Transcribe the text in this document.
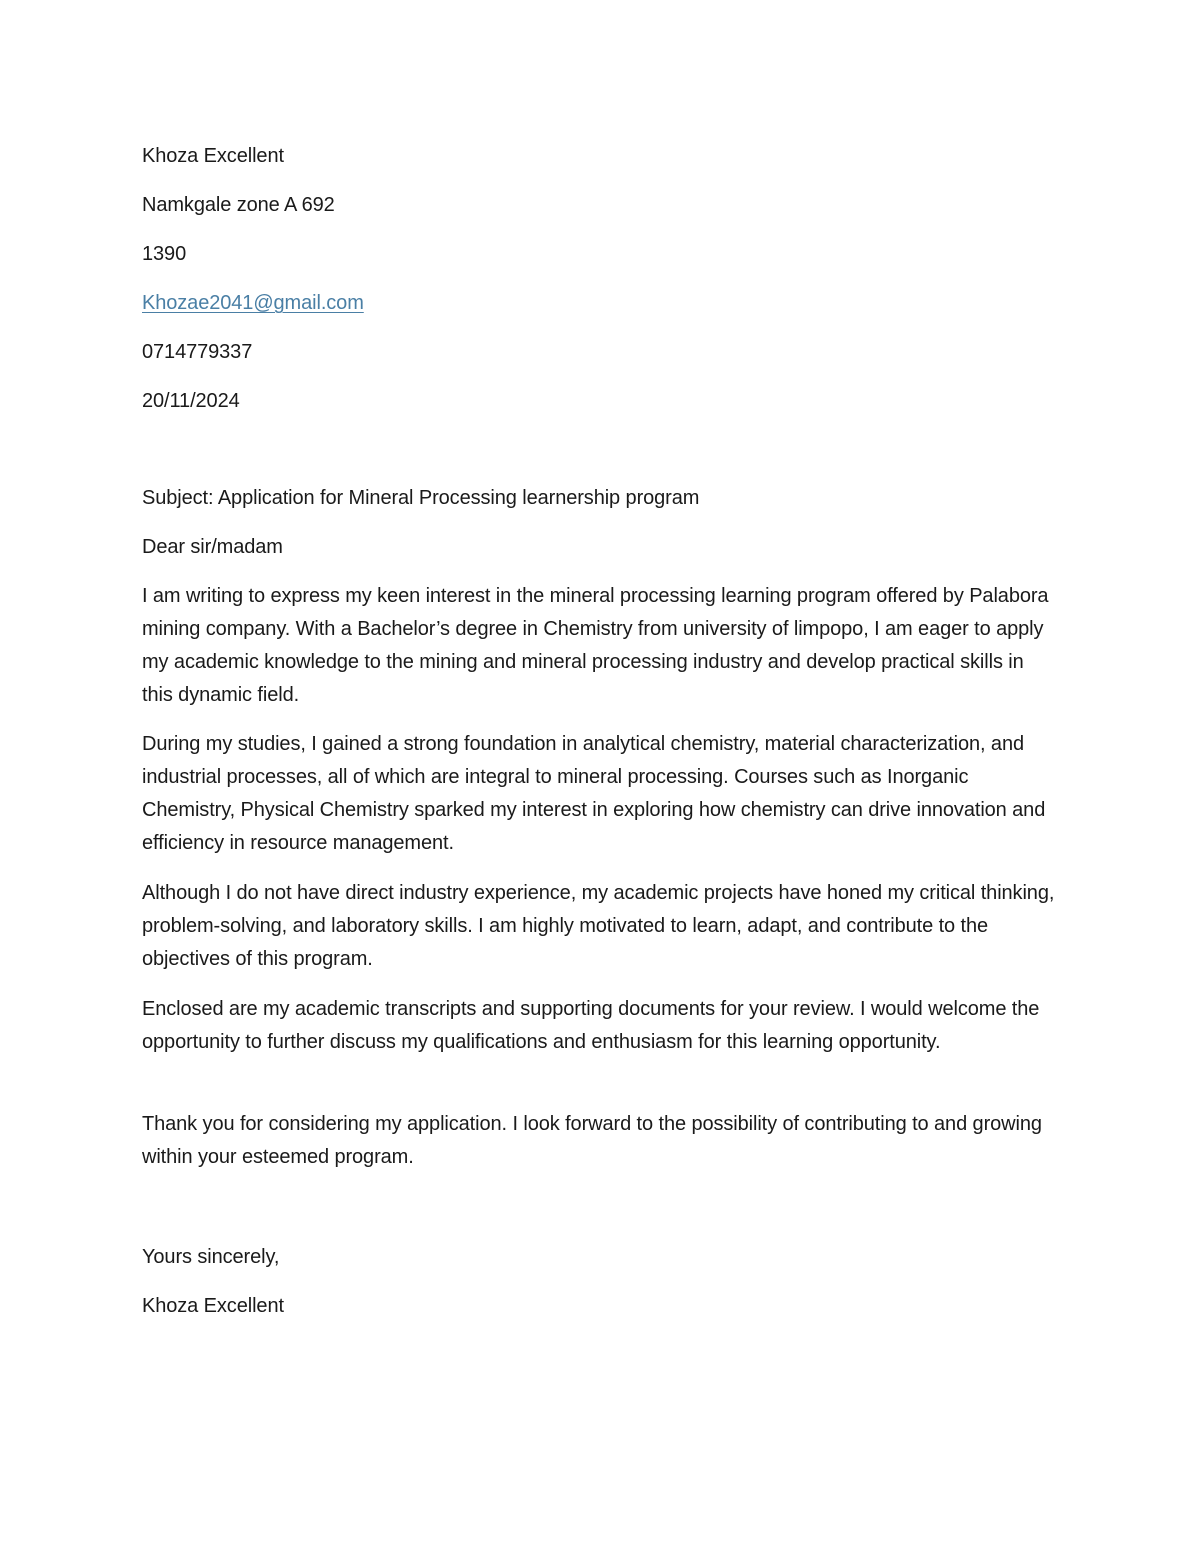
Khoza Excellent
Namkgale zone A 692
1390
Khozae2041@gmail.com
0714779337
20/11/2024
Subject: Application for Mineral Processing learnership program
Dear sir/madam
I am writing to express my keen interest in the mineral processing learning program offered by Palabora mining company. With a Bachelor’s degree in Chemistry from university of limpopo, I am eager to apply my academic knowledge to the mining and mineral processing industry and develop practical skills in this dynamic field.
During my studies, I gained a strong foundation in analytical chemistry, material characterization, and industrial processes, all of which are integral to mineral processing. Courses such as Inorganic Chemistry, Physical Chemistry sparked my interest in exploring how chemistry can drive innovation and efficiency in resource management.
Although I do not have direct industry experience, my academic projects have honed my critical thinking, problem-solving, and laboratory skills. I am highly motivated to learn, adapt, and contribute to the objectives of this program.
Enclosed are my academic transcripts and supporting documents for your review. I would welcome the opportunity to further discuss my qualifications and enthusiasm for this learning opportunity.
Thank you for considering my application. I look forward to the possibility of contributing to and growing within your esteemed program.
Yours sincerely,
Khoza Excellent
